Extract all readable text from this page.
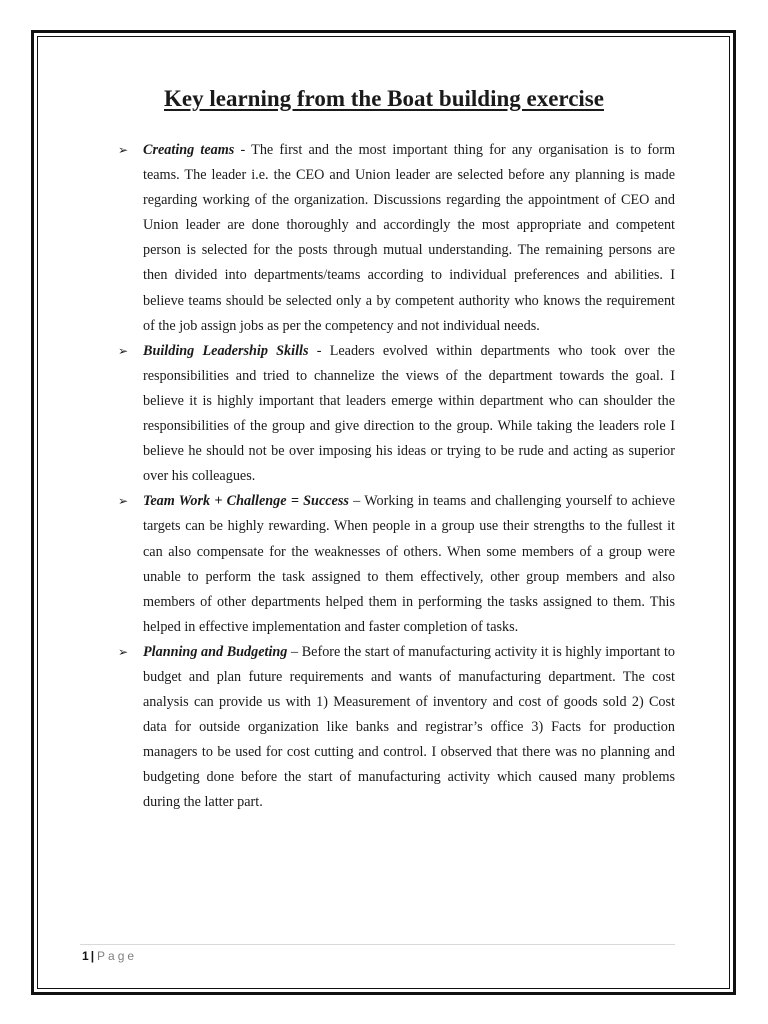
Key learning from the Boat building exercise
➢ Creating teams - The first and the most important thing for any organisation is to form teams. The leader i.e. the CEO and Union leader are selected before any planning is made regarding working of the organization. Discussions regarding the appointment of CEO and Union leader are done thoroughly and accordingly the most appropriate and competent person is selected for the posts through mutual understanding. The remaining persons are then divided into departments/teams according to individual preferences and abilities. I believe teams should be selected only a by competent authority who knows the requirement of the job assign jobs as per the competency and not individual needs.
➢ Building Leadership Skills - Leaders evolved within departments who took over the responsibilities and tried to channelize the views of the department towards the goal. I believe it is highly important that leaders emerge within department who can shoulder the responsibilities of the group and give direction to the group. While taking the leaders role I believe he should not be over imposing his ideas or trying to be rude and acting as superior over his colleagues.
➢ Team Work + Challenge = Success – Working in teams and challenging yourself to achieve targets can be highly rewarding. When people in a group use their strengths to the fullest it can also compensate for the weaknesses of others. When some members of a group were unable to perform the task assigned to them effectively, other group members and also members of other departments helped them in performing the tasks assigned to them. This helped in effective implementation and faster completion of tasks.
➢ Planning and Budgeting – Before the start of manufacturing activity it is highly important to budget and plan future requirements and wants of manufacturing department. The cost analysis can provide us with 1) Measurement of inventory and cost of goods sold 2) Cost data for outside organization like banks and registrar’s office 3) Facts for production managers to be used for cost cutting and control. I observed that there was no planning and budgeting done before the start of manufacturing activity which caused many problems during the latter part.
1 | Page
